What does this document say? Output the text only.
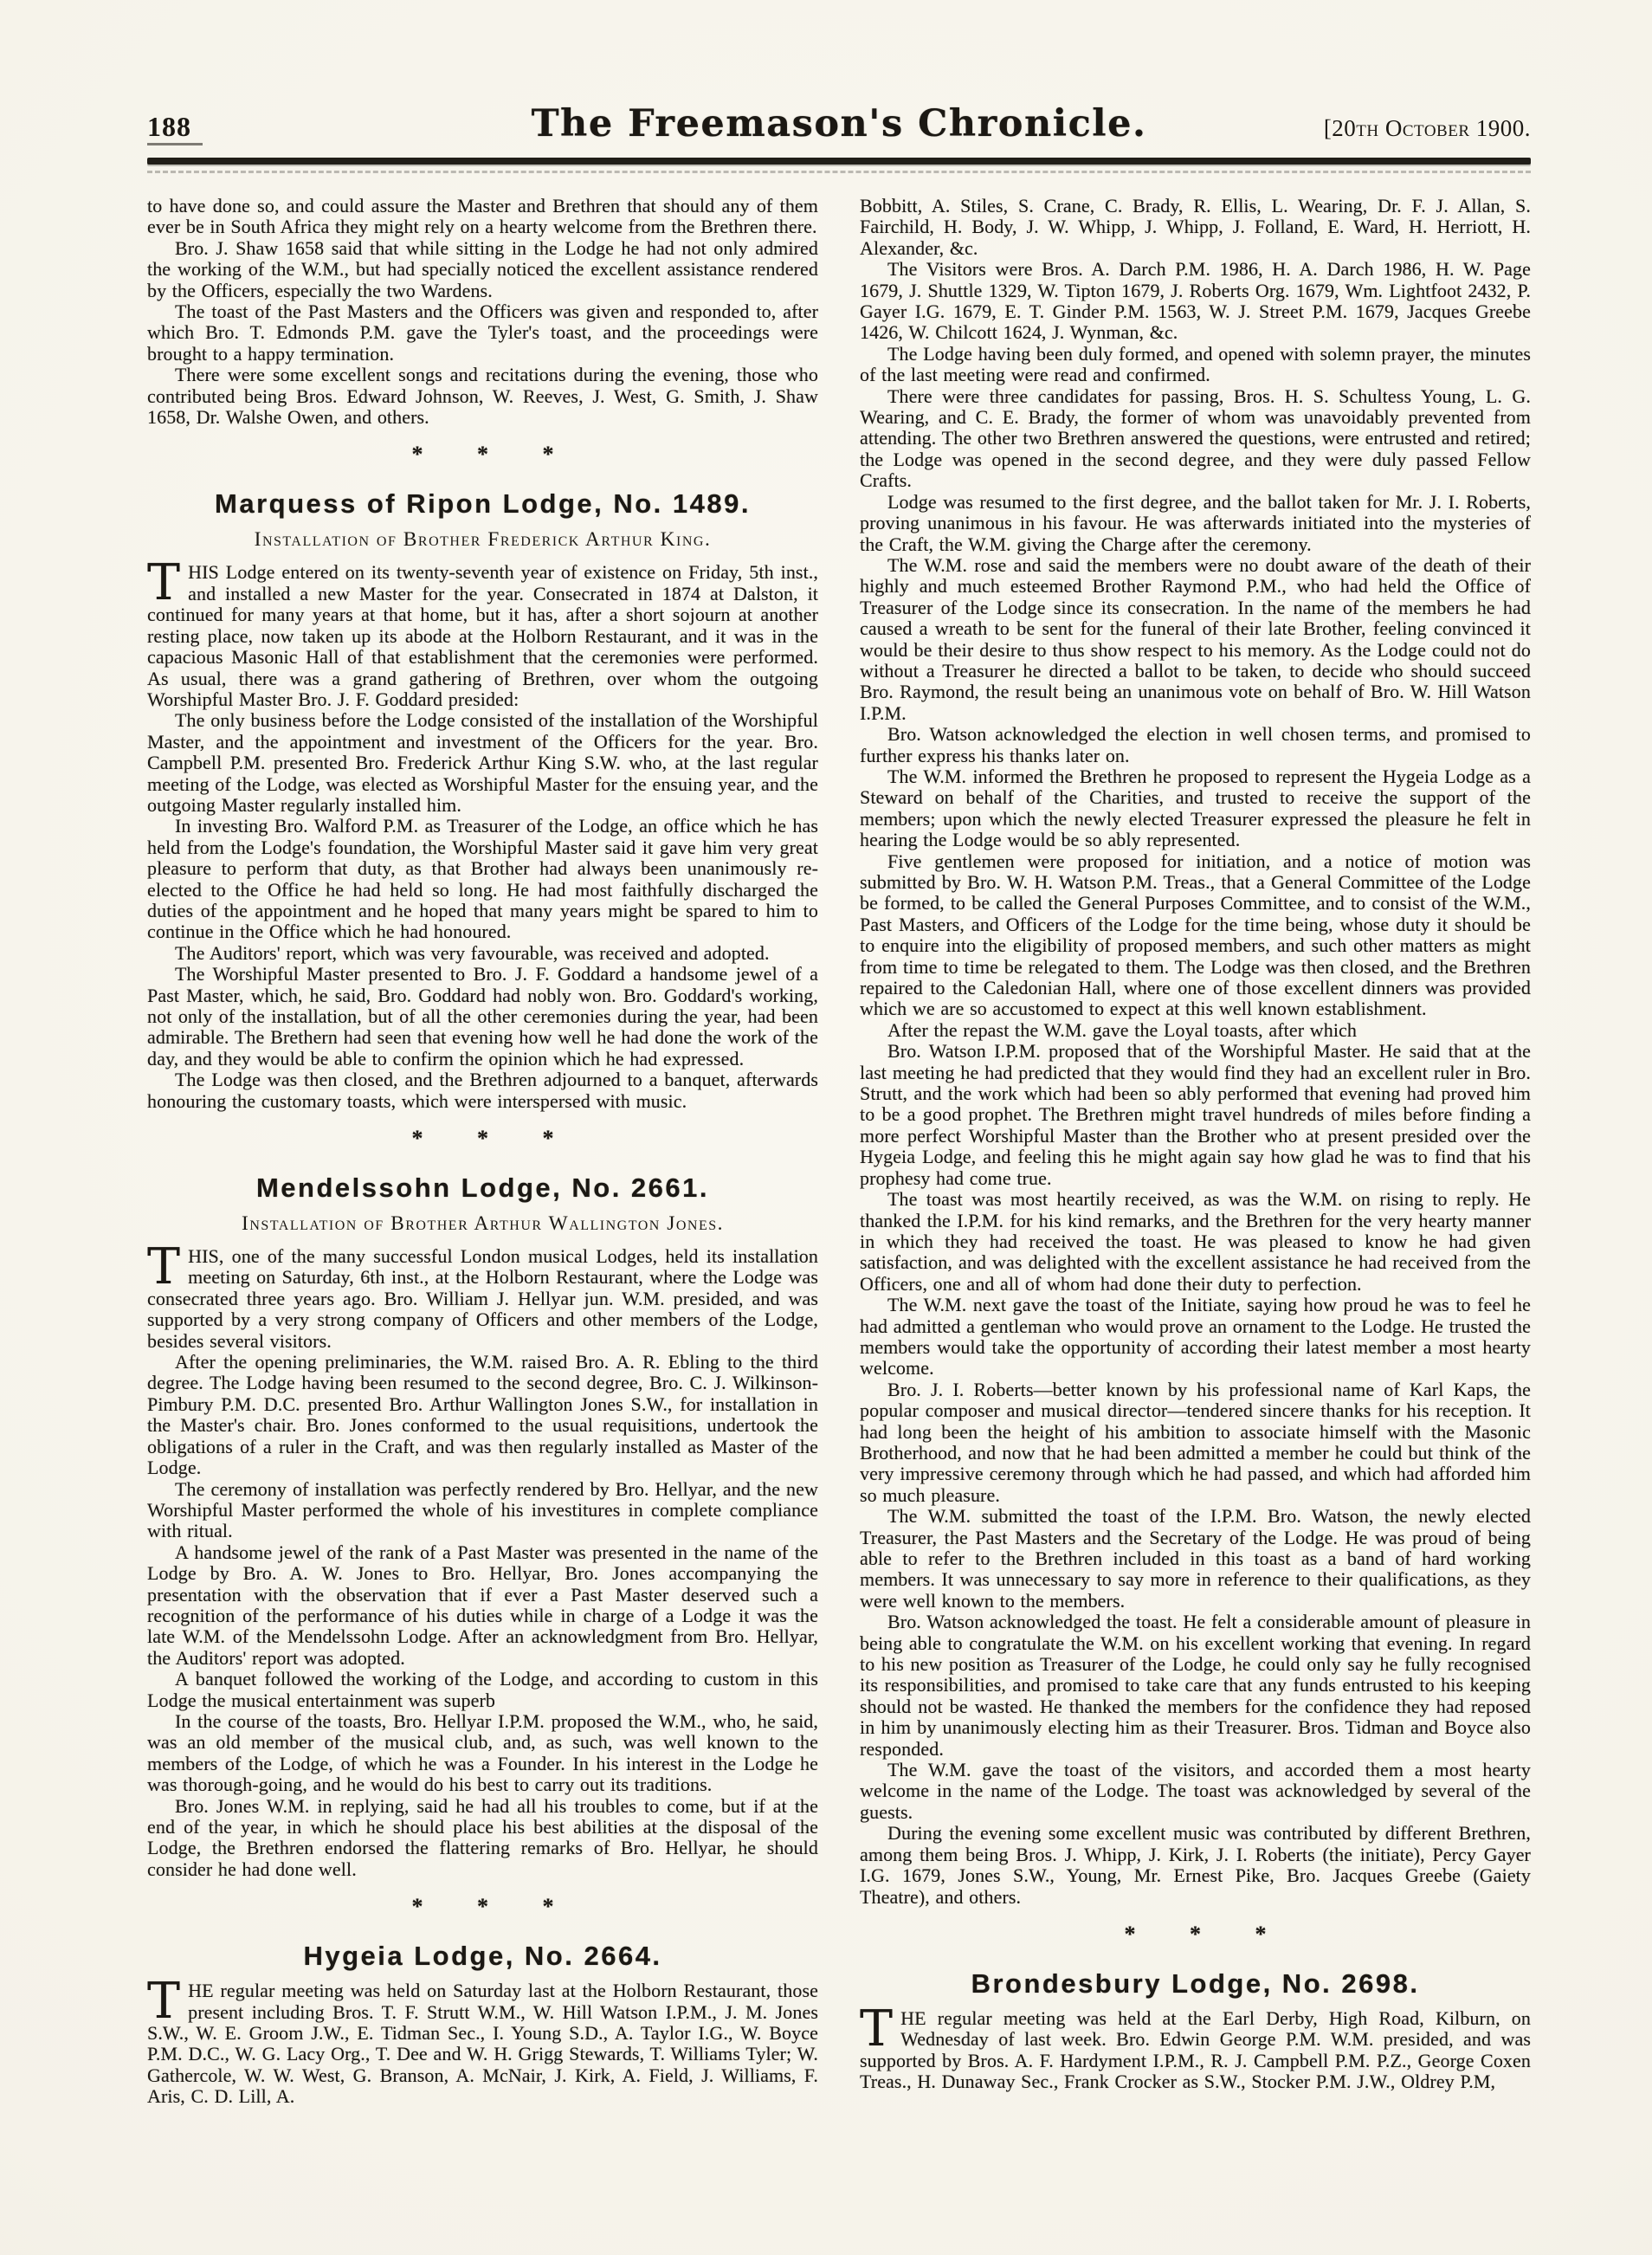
188	The Freemason's Chronicle.	[20th October 1900.

to have done so, and could assure the Master and Brethren that should any of them ever be in South Africa they might rely on a hearty welcome from the Brethren there.

Bro. J. Shaw 1658 said that while sitting in the Lodge he had not only admired the working of the W.M., but had specially noticed the excellent assistance rendered by the Officers, especially the two Wardens.

The toast of the Past Masters and the Officers was given and responded to, after which Bro. T. Edmonds P.M. gave the Tyler's toast, and the proceedings were brought to a happy termination.

There were some excellent songs and recitations during the evening, those who contributed being Bros. Edward Johnson, W. Reeves, J. West, G. Smith, J. Shaw 1658, Dr. Walshe Owen, and others.

* * *
Marquess of Ripon Lodge, No. 1489.
Installation of Brother Frederick Arthur King.

THIS Lodge entered on its twenty-seventh year of existence on Friday, 5th inst., and installed a new Master for the year. Consecrated in 1874 at Dalston, it continued for many years at that home, but it has, after a short sojourn at another resting place, now taken up its abode at the Holborn Restaurant, and it was in the capacious Masonic Hall of that establishment that the ceremonies were performed. As usual, there was a grand gathering of Brethren, over whom the outgoing Worshipful Master Bro. J. F. Goddard presided:

The only business before the Lodge consisted of the installation of the Worshipful Master, and the appointment and investment of the Officers for the year. Bro. Campbell P.M. presented Bro. Frederick Arthur King S.W. who, at the last regular meeting of the Lodge, was elected as Worshipful Master for the ensuing year, and the outgoing Master regularly installed him.

In investing Bro. Walford P.M. as Treasurer of the Lodge, an office which he has held from the Lodge's foundation, the Worshipful Master said it gave him very great pleasure to perform that duty, as that Brother had always been unanimously re-elected to the Office he had held so long. He had most faithfully discharged the duties of the appointment and he hoped that many years might be spared to him to continue in the Office which he had honoured.

The Auditors' report, which was very favourable, was received and adopted.

The Worshipful Master presented to Bro. J. F. Goddard a handsome jewel of a Past Master, which, he said, Bro. Goddard had nobly won. Bro. Goddard's working, not only of the installation, but of all the other ceremonies during the year, had been admirable. The Brethern had seen that evening how well he had done the work of the day, and they would be able to confirm the opinion which he had expressed.

The Lodge was then closed, and the Brethren adjourned to a banquet, afterwards honouring the customary toasts, which were interspersed with music.

* * *
Mendelssohn Lodge, No. 2661.
Installation of Brother Arthur Wallington Jones.

THIS, one of the many successful London musical Lodges, held its installation meeting on Saturday, 6th inst., at the Holborn Restaurant, where the Lodge was consecrated three years ago. Bro. William J. Hellyar jun. W.M. presided, and was supported by a very strong company of Officers and other members of the Lodge, besides several visitors.

After the opening preliminaries, the W.M. raised Bro. A. R. Ebling to the third degree. The Lodge having been resumed to the second degree, Bro. C. J. Wilkinson-Pimbury P.M. D.C. presented Bro. Arthur Wallington Jones S.W., for installation in the Master's chair. Bro. Jones conformed to the usual requisitions, undertook the obligations of a ruler in the Craft, and was then regularly installed as Master of the Lodge.

The ceremony of installation was perfectly rendered by Bro. Hellyar, and the new Worshipful Master performed the whole of his investitures in complete compliance with ritual.

A handsome jewel of the rank of a Past Master was presented in the name of the Lodge by Bro. A. W. Jones to Bro. Hellyar, Bro. Jones accompanying the presentation with the observation that if ever a Past Master deserved such a recognition of the performance of his duties while in charge of a Lodge it was the late W.M. of the Mendelssohn Lodge. After an acknowledgment from Bro. Hellyar, the Auditors' report was adopted.

A banquet followed the working of the Lodge, and according to custom in this Lodge the musical entertainment was superb

In the course of the toasts, Bro. Hellyar I.P.M. proposed the W.M., who, he said, was an old member of the musical club, and, as such, was well known to the members of the Lodge, of which he was a Founder. In his interest in the Lodge he was thorough-going, and he would do his best to carry out its traditions.

Bro. Jones W.M. in replying, said he had all his troubles to come, but if at the end of the year, in which he should place his best abilities at the disposal of the Lodge, the Brethren endorsed the flattering remarks of Bro. Hellyar, he should consider he had done well.

* * *
Hygeia Lodge, No. 2664.

THE regular meeting was held on Saturday last at the Holborn Restaurant, those present including Bros. T. F. Strutt W.M., W. Hill Watson I.P.M., J. M. Jones S.W., W. E. Groom J.W., E. Tidman Sec., I. Young S.D., A. Taylor I.G., W. Boyce P.M. D.C., W. G. Lacy Org., T. Dee and W. H. Grigg Stewards, T. Williams Tyler; W. Gathercole, W. W. West, G. Branson, A. McNair, J. Kirk, A. Field, J. Williams, F. Aris, C. D. Lill, A.

Bobbitt, A. Stiles, S. Crane, C. Brady, R. Ellis, L. Wearing, Dr. F. J. Allan, S. Fairchild, H. Body, J. W. Whipp, J. Whipp, J. Folland, E. Ward, H. Herriott, H. Alexander, &c.

The Visitors were Bros. A. Darch P.M. 1986, H. A. Darch 1986, H. W. Page 1679, J. Shuttle 1329, W. Tipton 1679, J. Roberts Org. 1679, Wm. Lightfoot 2432, P. Gayer I.G. 1679, E. T. Ginder P.M. 1563, W. J. Street P.M. 1679, Jacques Greebe 1426, W. Chilcott 1624, J. Wynman, &c.

The Lodge having been duly formed, and opened with solemn prayer, the minutes of the last meeting were read and confirmed.

There were three candidates for passing, Bros. H. S. Schultess Young, L. G. Wearing, and C. E. Brady, the former of whom was unavoidably prevented from attending. The other two Brethren answered the questions, were entrusted and retired; the Lodge was opened in the second degree, and they were duly passed Fellow Crafts.

Lodge was resumed to the first degree, and the ballot taken for Mr. J. I. Roberts, proving unanimous in his favour. He was afterwards initiated into the mysteries of the Craft, the W.M. giving the Charge after the ceremony.

The W.M. rose and said the members were no doubt aware of the death of their highly and much esteemed Brother Raymond P.M., who had held the Office of Treasurer of the Lodge since its consecration. In the name of the members he had caused a wreath to be sent for the funeral of their late Brother, feeling convinced it would be their desire to thus show respect to his memory. As the Lodge could not do without a Treasurer he directed a ballot to be taken, to decide who should succeed Bro. Raymond, the result being an unanimous vote on behalf of Bro. W. Hill Watson I.P.M.

Bro. Watson acknowledged the election in well chosen terms, and promised to further express his thanks later on.

The W.M. informed the Brethren he proposed to represent the Hygeia Lodge as a Steward on behalf of the Charities, and trusted to receive the support of the members; upon which the newly elected Treasurer expressed the pleasure he felt in hearing the Lodge would be so ably represented.

Five gentlemen were proposed for initiation, and a notice of motion was submitted by Bro. W. H. Watson P.M. Treas., that a General Committee of the Lodge be formed, to be called the General Purposes Committee, and to consist of the W.M., Past Masters, and Officers of the Lodge for the time being, whose duty it should be to enquire into the eligibility of proposed members, and such other matters as might from time to time be relegated to them. The Lodge was then closed, and the Brethren repaired to the Caledonian Hall, where one of those excellent dinners was provided which we are so accustomed to expect at this well known establishment.

After the repast the W.M. gave the Loyal toasts, after which

Bro. Watson I.P.M. proposed that of the Worshipful Master. He said that at the last meeting he had predicted that they would find they had an excellent ruler in Bro. Strutt, and the work which had been so ably performed that evening had proved him to be a good prophet. The Brethren might travel hundreds of miles before finding a more perfect Worshipful Master than the Brother who at present presided over the Hygeia Lodge, and feeling this he might again say how glad he was to find that his prophesy had come true.

The toast was most heartily received, as was the W.M. on rising to reply. He thanked the I.P.M. for his kind remarks, and the Brethren for the very hearty manner in which they had received the toast. He was pleased to know he had given satisfaction, and was delighted with the excellent assistance he had received from the Officers, one and all of whom had done their duty to perfection.

The W.M. next gave the toast of the Initiate, saying how proud he was to feel he had admitted a gentleman who would prove an ornament to the Lodge. He trusted the members would take the opportunity of according their latest member a most hearty welcome.

Bro. J. I. Roberts—better known by his professional name of Karl Kaps, the popular composer and musical director—tendered sincere thanks for his reception. It had long been the height of his ambition to associate himself with the Masonic Brotherhood, and now that he had been admitted a member he could but think of the very impressive ceremony through which he had passed, and which had afforded him so much pleasure.

The W.M. submitted the toast of the I.P.M. Bro. Watson, the newly elected Treasurer, the Past Masters and the Secretary of the Lodge. He was proud of being able to refer to the Brethren included in this toast as a band of hard working members. It was unnecessary to say more in reference to their qualifications, as they were well known to the members.

Bro. Watson acknowledged the toast. He felt a considerable amount of pleasure in being able to congratulate the W.M. on his excellent working that evening. In regard to his new position as Treasurer of the Lodge, he could only say he fully recognised its responsibilities, and promised to take care that any funds entrusted to his keeping should not be wasted. He thanked the members for the confidence they had reposed in him by unanimously electing him as their Treasurer. Bros. Tidman and Boyce also responded.

The W.M. gave the toast of the visitors, and accorded them a most hearty welcome in the name of the Lodge. The toast was acknowledged by several of the guests.

During the evening some excellent music was contributed by different Brethren, among them being Bros. J. Whipp, J. Kirk, J. I. Roberts (the initiate), Percy Gayer I.G. 1679, Jones S.W., Young, Mr. Ernest Pike, Bro. Jacques Greebe (Gaiety Theatre), and others.

* * *
Brondesbury Lodge, No. 2698.

THE regular meeting was held at the Earl Derby, High Road, Kilburn, on Wednesday of last week. Bro. Edwin George P.M. W.M. presided, and was supported by Bros. A. F. Hardyment I.P.M., R. J. Campbell P.M. P.Z., George Coxen Treas., H. Dunaway Sec., Frank Crocker as S.W., Stocker P.M. J.W., Oldrey P.M,
